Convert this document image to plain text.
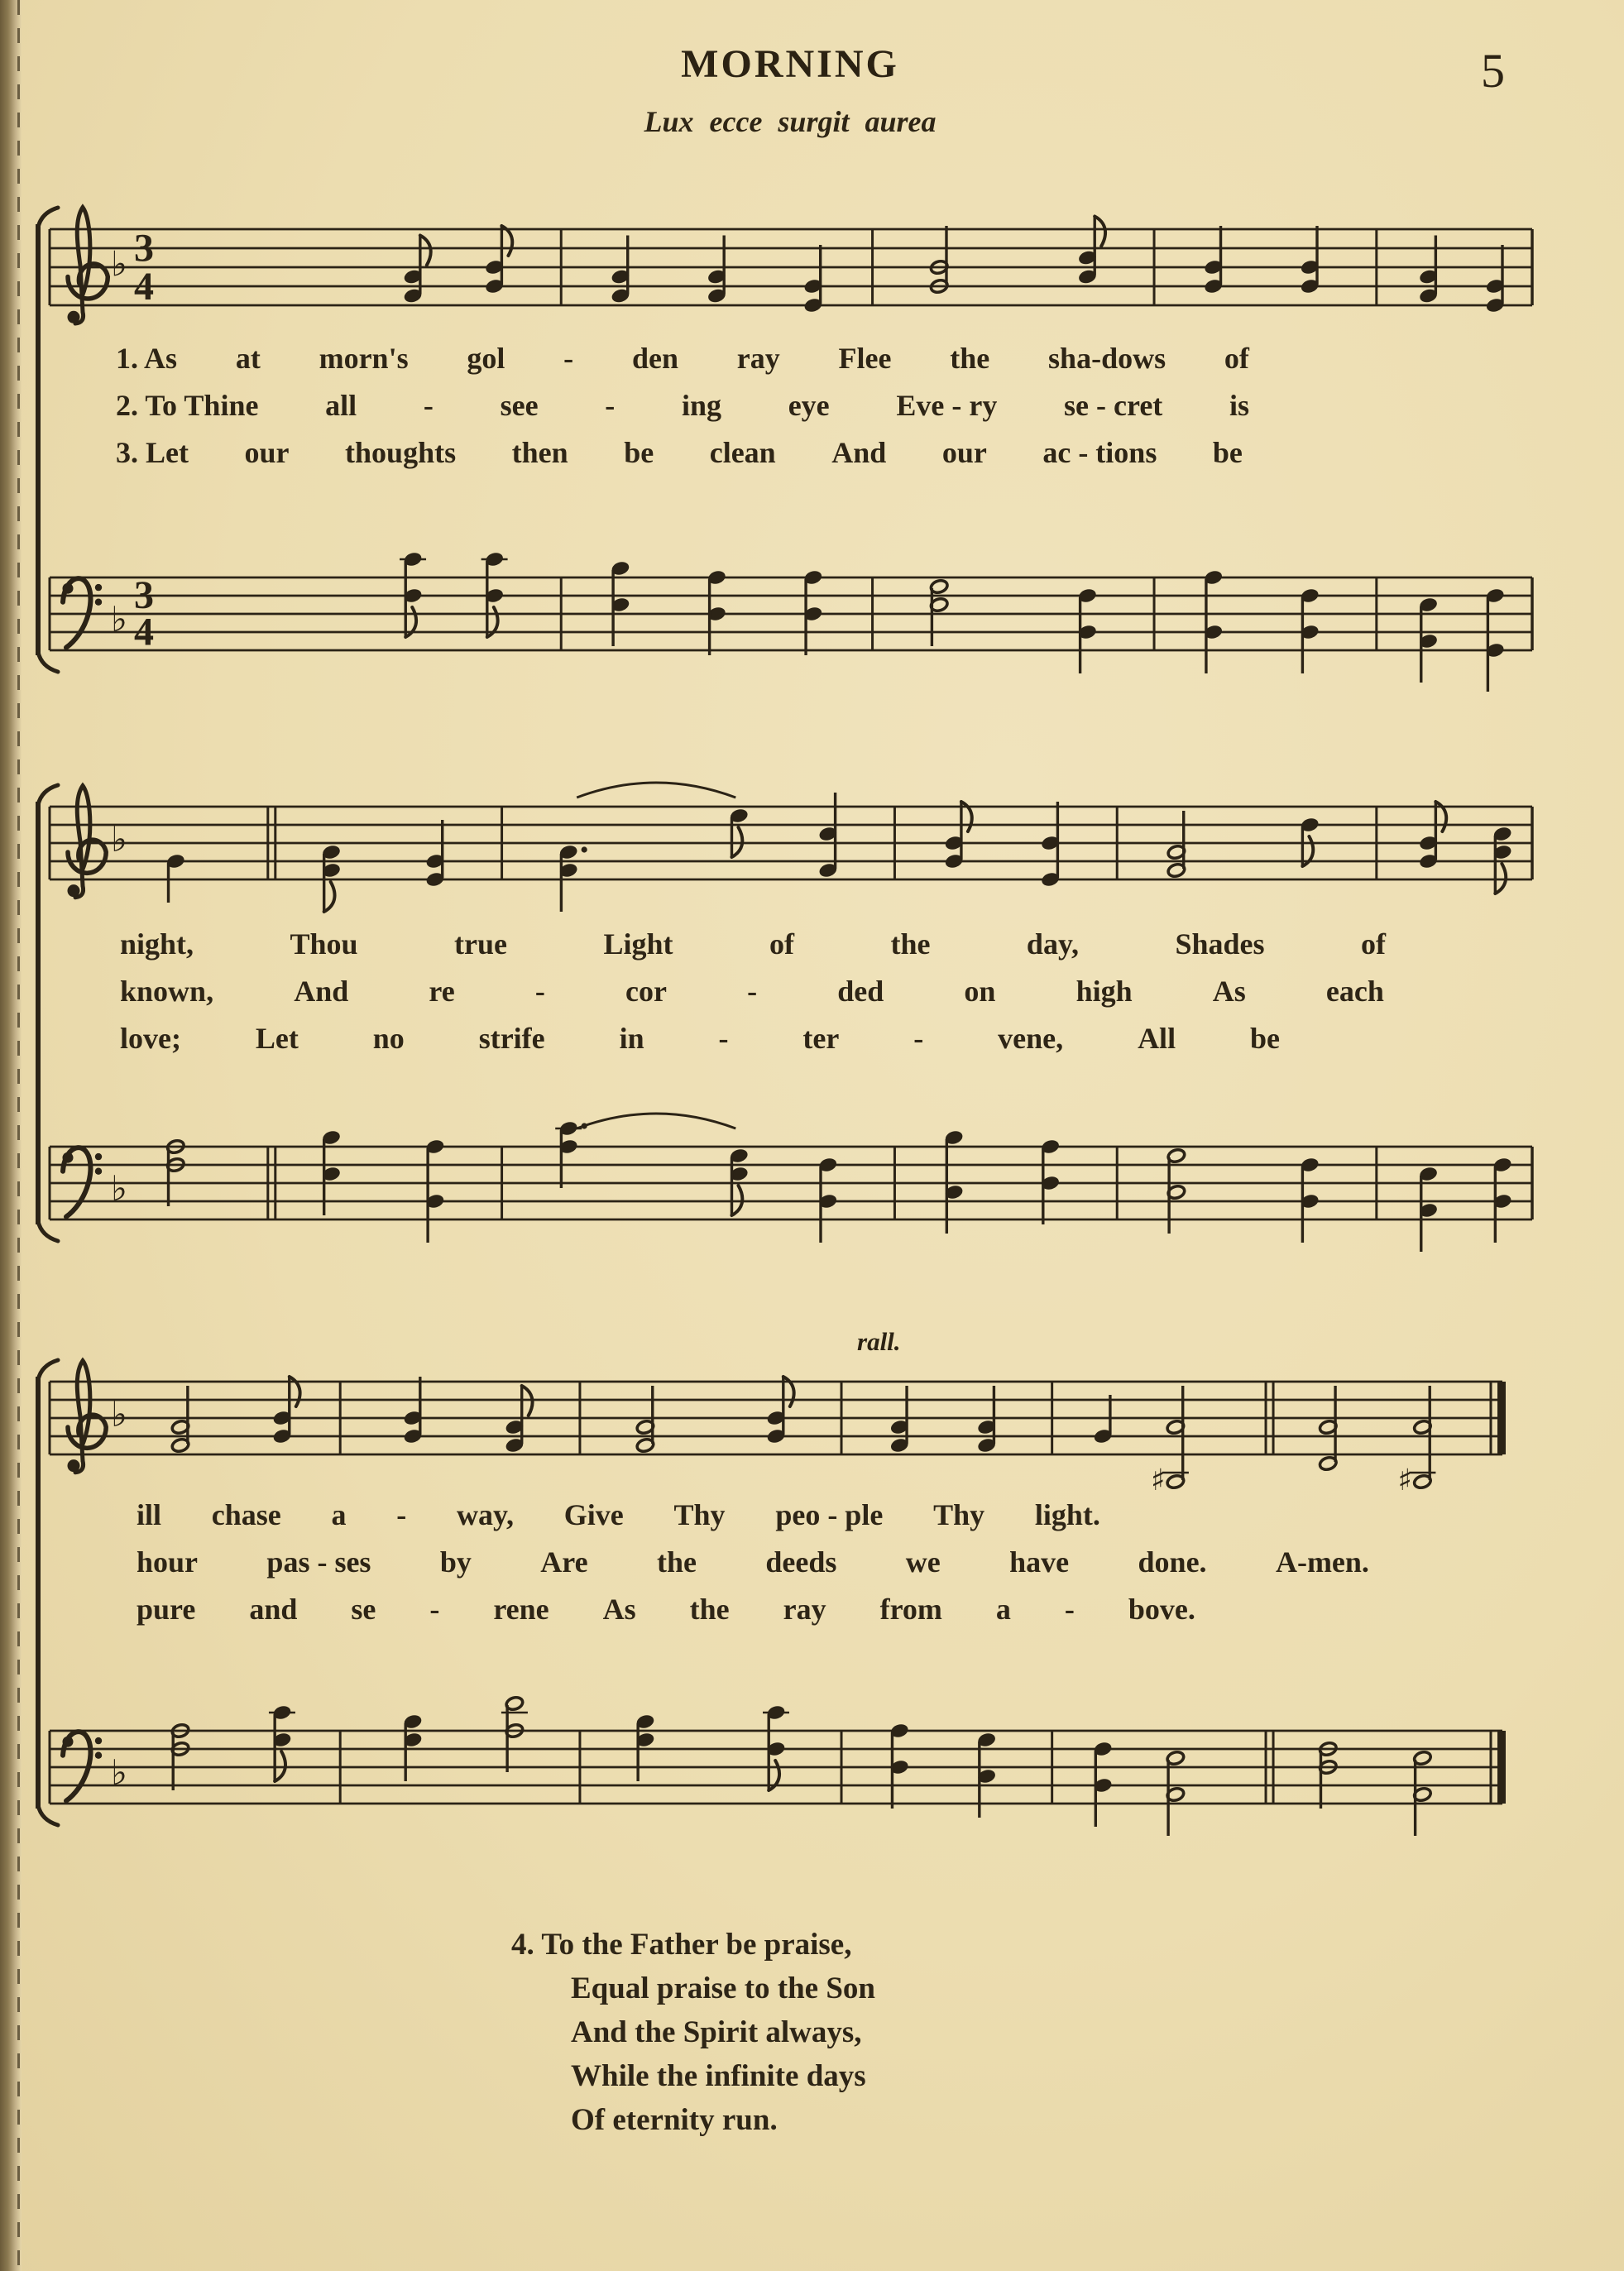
MORNING
Lux ecce surgit aurea
5
rall.
♭ 3
4
♭
3
4
♭
♭
♭
♯	♯
♭
1. As at morn's gol - den ray Flee the sha-dows of
2. To Thine all - see - ing eye Eve - ry se - cret is
3. Let our thoughts then be clean And our ac - tions be
night,	Thou	true	Light	of	the	day,	Shades	of
known,	And	re	-	cor	-	ded	on	high	As	each
love; Let no strife in - ter - vene, All be
ill chase a - way, Give Thy peo - ple Thy light.
hour pas - ses by Are the deeds we have done. A-men.
pure and se - rene As the ray from a - bove.
4. To the Father be praise,
Equal praise to the Son
And the Spirit always,
While the infinite days
Of eternity run.
